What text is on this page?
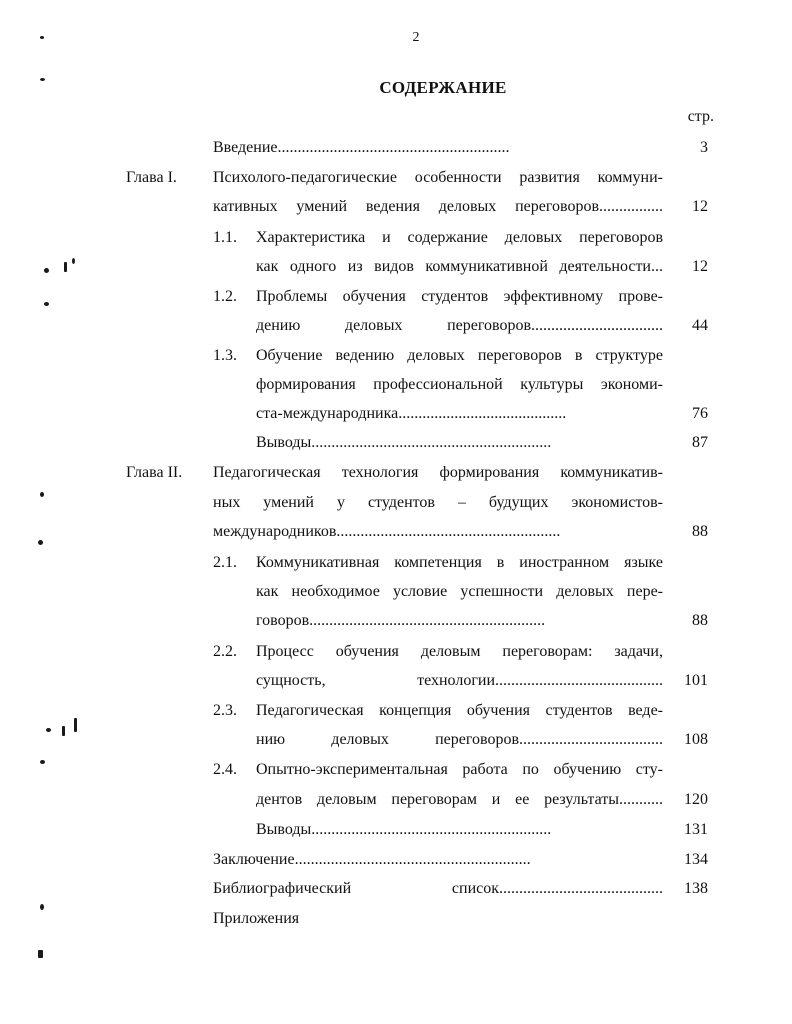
2
СОДЕРЖАНИЕ
стр.
Введение..........................................................	3
Глава I. Психолого-педагогические особенности развития коммуни-
кативных умений ведения деловых переговоров................	12
1.1. Характеристика и содержание деловых переговоров
как одного из видов коммуникативной деятельности...	12
1.2. Проблемы обучения студентов эффективному прове-
дению деловых переговоров.................................	44
1.3. Обучение ведению деловых переговоров в структуре
формирования профессиональной культуры экономи-
ста-международника..........................................	76
Выводы............................................................	87
Глава II. Педагогическая технология формирования коммуникатив-
ных умений у студентов – будущих экономистов-
международников........................................................	88
2.1. Коммуникативная компетенция в иностранном языке
как необходимое условие успешности деловых пере-
говоров...........................................................	88
2.2. Процесс обучения деловым переговорам: задачи,
сущность, технологии..........................................	101
2.3. Педагогическая концепция обучения студентов веде-
нию деловых переговоров....................................	108
2.4. Опытно-экспериментальная работа по обучению сту-
дентов деловым переговорам и ее результаты...........	120
Выводы............................................................	131
Заключение...........................................................	134
Библиографический список.........................................	138
Приложения
